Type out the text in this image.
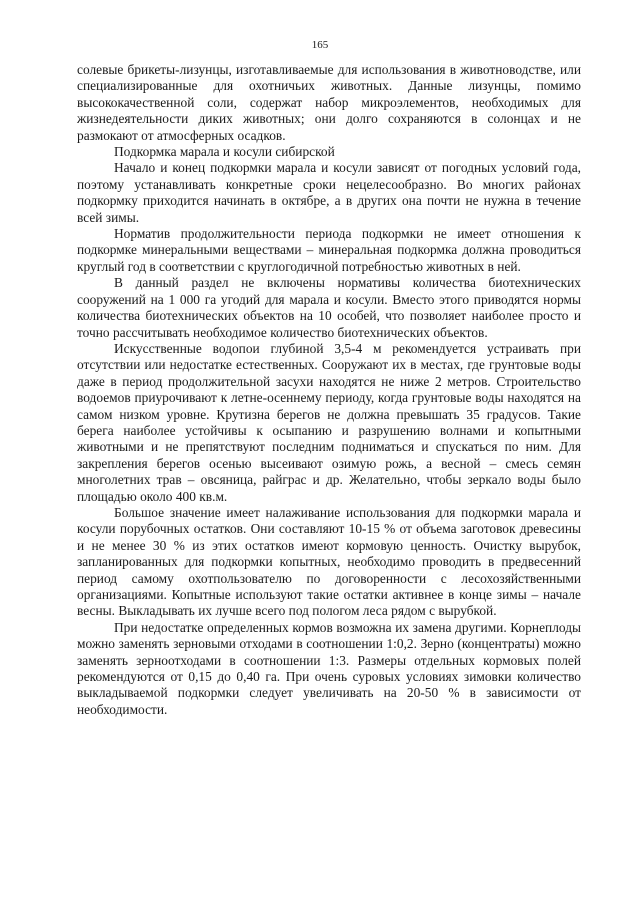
165

солевые брикеты-лизунцы, изготавливаемые для использования в животноводстве, или специализированные для охотничьих животных. Данные лизунцы, помимо высококачественной соли, содержат набор микроэлементов, необходимых для жизнедеятельности диких животных; они долго сохраняются в солонцах и не размокают от атмосферных осадков.

Подкормка марала и косули сибирской

Начало и конец подкормки марала и косули зависят от погодных условий года, поэтому устанавливать конкретные сроки нецелесообразно. Во многих районах подкормку приходится начинать в октябре, а в других она почти не нужна в течение всей зимы.

Норматив продолжительности периода подкормки не имеет отношения к подкормке минеральными веществами – минеральная подкормка должна проводиться круглый год в соответствии с круглогодичной потребностью животных в ней.

В данный раздел не включены нормативы количества биотехнических сооружений на 1 000 га угодий для марала и косули. Вместо этого приводятся нормы количества биотехнических объектов на 10 особей, что позволяет наиболее просто и точно рассчитывать необходимое количество биотехнических объектов.

Искусственные водопои глубиной 3,5-4 м рекомендуется устраивать при отсутствии или недостатке естественных. Сооружают их в местах, где грунтовые воды даже в период продолжительной засухи находятся не ниже 2 метров. Строительство водоемов приурочивают к летне-осеннему периоду, когда грунтовые воды находятся на самом низком уровне. Крутизна берегов не должна превышать 35 градусов. Такие берега наиболее устойчивы к осыпанию и разрушению волнами и копытными животными и не препятствуют последним подниматься и спускаться по ним. Для закрепления берегов осенью высеивают озимую рожь, а весной – смесь семян многолетних трав – овсяница, райграс и др. Желательно, чтобы зеркало воды было площадью около 400 кв.м.

Большое значение имеет налаживание использования для подкормки марала и косули порубочных остатков. Они составляют 10-15 % от объема заготовок древесины и не менее 30 % из этих остатков имеют кормовую ценность. Очистку вырубок, запланированных для подкормки копытных, необходимо проводить в предвесенний период самому охотпользователю по договоренности с лесохозяйственными организациями. Копытные используют такие остатки активнее в конце зимы – начале весны. Выкладывать их лучше всего под пологом леса рядом с вырубкой.

При недостатке определенных кормов возможна их замена другими. Корнеплоды можно заменять зерновыми отходами в соотношении 1:0,2. Зерно (концентраты) можно заменять зерноотходами в соотношении 1:3. Размеры отдельных кормовых полей рекомендуются от 0,15 до 0,40 га. При очень суровых условиях зимовки количество выкладываемой подкормки следует увеличивать на 20-50 % в зависимости от необходимости.
